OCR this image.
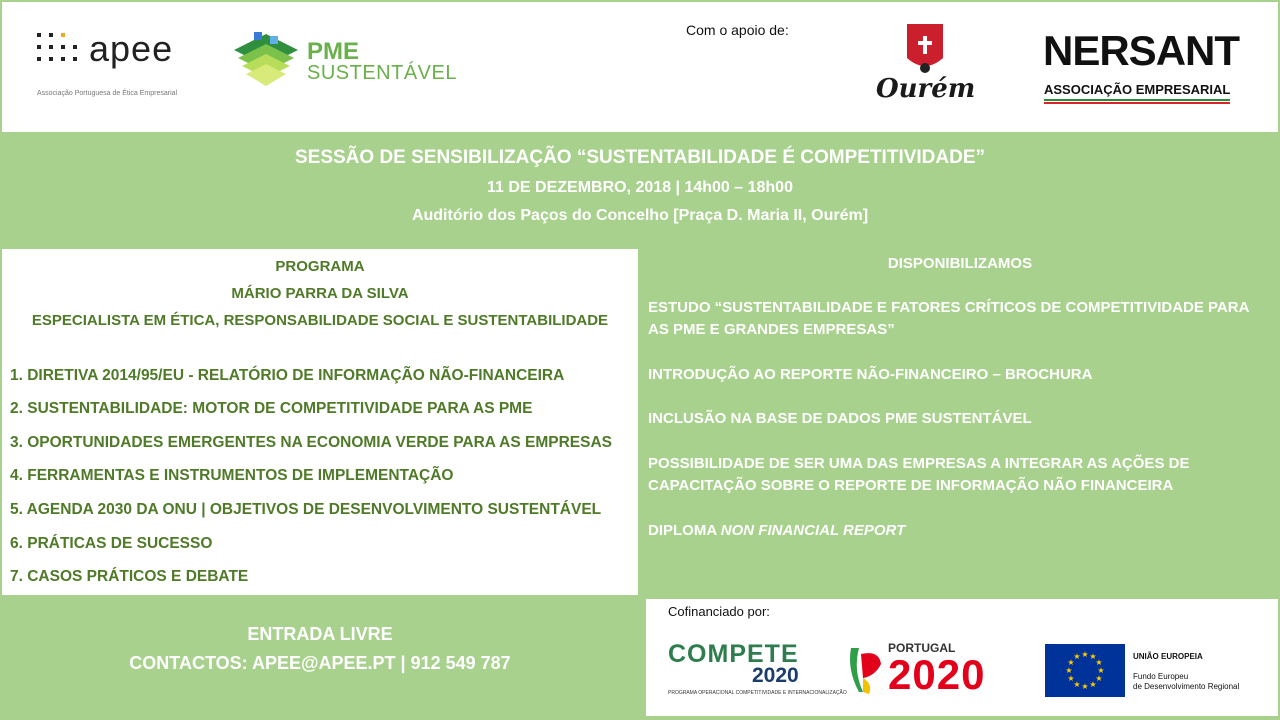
apee
Associação Portuguesa de Ética Empresarial
PME
SUSTENTÁVEL
Com o apoio de:
Ourém
NERSANT
ASSOCIAÇÃO EMPRESARIAL
SESSÃO DE SENSIBILIZAÇÃO “SUSTENTABILIDADE É COMPETITIVIDADE”
11 DE DEZEMBRO, 2018 | 14h00 – 18h00
Auditório dos Paços do Concelho [Praça D. Maria II, Ourém]
PROGRAMA
MÁRIO PARRA DA SILVA
ESPECIALISTA EM ÉTICA, RESPONSABILIDADE SOCIAL E SUSTENTABILIDADE
1. DIRETIVA 2014/95/EU - RELATÓRIO DE INFORMAÇÃO NÃO-FINANCEIRA
2. SUSTENTABILIDADE: MOTOR DE COMPETITIVIDADE PARA AS PME
3. OPORTUNIDADES EMERGENTES NA ECONOMIA VERDE PARA AS EMPRESAS
4. FERRAMENTAS E INSTRUMENTOS DE IMPLEMENTAÇÃO
5. AGENDA 2030 DA ONU | OBJETIVOS DE DESENVOLVIMENTO SUSTENTÁVEL
6. PRÁTICAS DE SUCESSO
7. CASOS PRÁTICOS E DEBATE
DISPONIBILIZAMOS
ESTUDO “SUSTENTABILIDADE E FATORES CRÍTICOS DE COMPETITIVIDADE PARA AS PME E GRANDES EMPRESAS”
INTRODUÇÃO AO REPORTE NÃO-FINANCEIRO – BROCHURA
INCLUSÃO NA BASE DE DADOS PME SUSTENTÁVEL
POSSIBILIDADE DE SER UMA DAS EMPRESAS A INTEGRAR AS AÇÕES DE CAPACITAÇÃO SOBRE O REPORTE DE INFORMAÇÃO NÃO FINANCEIRA
DIPLOMA NON FINANCIAL REPORT
ENTRADA LIVRE
CONTACTOS: APEE@APEE.PT | 912 549 787
Cofinanciado por:
COMPETE
2020
PROGRAMA OPERACIONAL COMPETITIVIDADE E INTERNACIONALIZAÇÃO
PORTUGAL
2020	★ ★
★
★
★
★
★
★
★
★
★
★	UNIÃO EUROPEIA
Fundo Europeu
de Desenvolvimento Regional
